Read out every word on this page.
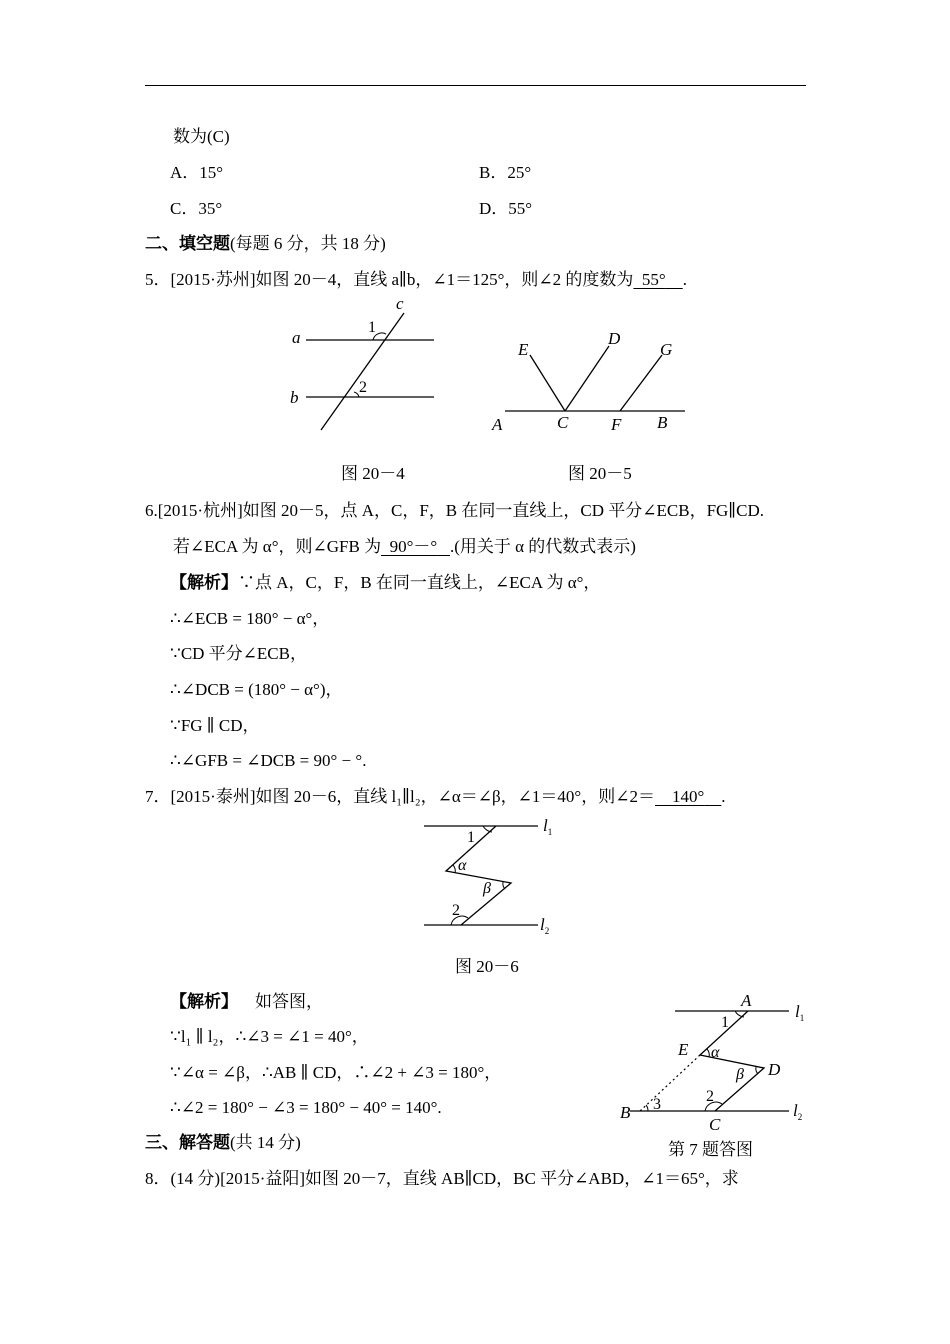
数为(C)
A．15°	B．25°
C．35°	D．55°
二、填空题(每题 6 分，共 18 分)
5．[2015·苏州]如图 20－4，直线 a∥b，∠1＝125°，则∠2 的度数为 55° .
a
b
c
1
2
A	C	F B
E
D
G
图 20－4	图 20－5
6.[2015·杭州]如图 20－5，点 A，C，F，B 在同一直线上，CD 平分∠ECB，FG∥CD.
若∠ECA 为 α°，则∠GFB 为 90°－° .(用关于 α 的代数式表示)
【解析】∵点 A，C，F，B 在同一直线上，∠ECA 为 α°，
∴∠ECB = 180° − α°，
∵CD 平分∠ECB，
∴∠DCB = (180° − α°)，
∵FG ∥ CD，
∴∠GFB = ∠DCB = 90° − °.
7．[2015·泰州]如图 20－6，直线 l₁∥l₂，∠α＝∠β，∠1＝40°，则∠2＝ 140° .
1
α
β
2
$l_1$
$l_2$
图 20－6
【解析】 如答图，
∵l₁ ∥ l₂，∴∠3 = ∠1 = 40°，
∵∠α = ∠β，∴AB ∥ CD，∴∠2 + ∠3 = 180°，
∴∠2 = 180° − ∠3 = 180° − 40° = 140°.
A
E
D
B
C
1
α
β
2
3
$l_1$
$l_2$
第 7 题答图
三、解答题(共 14 分)
8．(14 分)[2015·益阳]如图 20－7，直线 AB∥CD，BC 平分∠ABD，∠1＝65°，求
